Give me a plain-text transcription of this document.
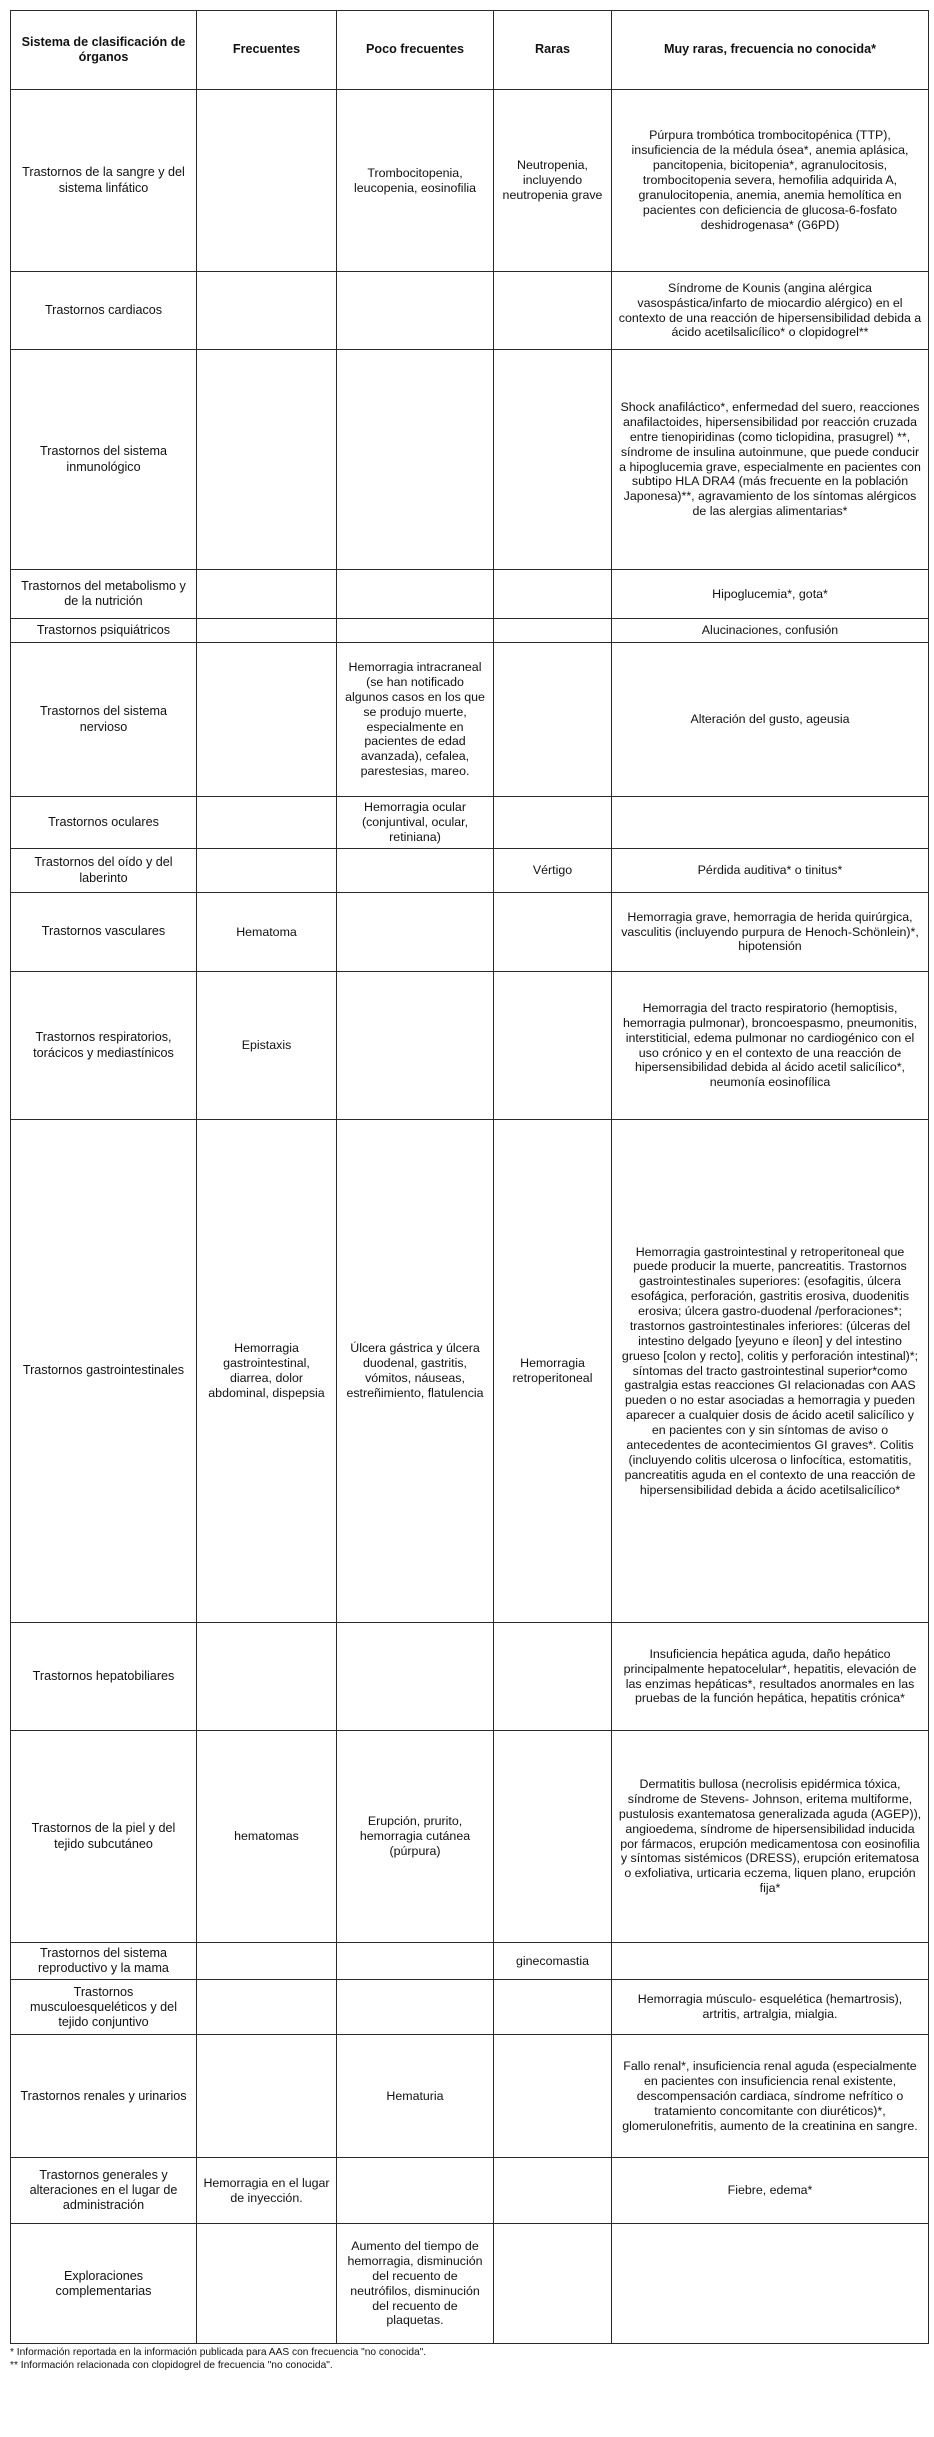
Sistema de clasificación de órganos	Frecuentes	Poco frecuentes	Raras	Muy raras, frecuencia no conocida*
Trastornos de la sangre y del sistema linfático		Trombocitopenia, leucopenia, eosinofilia	Neutropenia, incluyendo neutropenia grave	Púrpura trombótica trombocitopénica (TTP), insuficiencia de la médula ósea*, anemia aplásica, pancitopenia, bicitopenia*, agranulocitosis, trombocitopenia severa, hemofilia adquirida A, granulocitopenia, anemia, anemia hemolítica en pacientes con deficiencia de glucosa-6-fosfato deshidrogenasa* (G6PD)
Trastornos cardiacos				Síndrome de Kounis (angina alérgica vasospástica/infarto de miocardio alérgico) en el contexto de una reacción de hipersensibilidad debida a ácido acetilsalicílico* o clopidogrel**
Trastornos del sistema inmunológico				Shock anafiláctico*, enfermedad del suero, reacciones anafilactoides, hipersensibilidad por reacción cruzada entre tienopiridinas (como ticlopidina, prasugrel) **, síndrome de insulina autoinmune, que puede conducir a hipoglucemia grave, especialmente en pacientes con subtipo HLA DRA4 (más frecuente en la población Japonesa)**, agravamiento de los síntomas alérgicos de las alergias alimentarias*
Trastornos del metabolismo y de la nutrición				Hipoglucemia*, gota*
Trastornos psiquiátricos				Alucinaciones, confusión
Trastornos del sistema nervioso		Hemorragia intracraneal (se han notificado algunos casos en los que se produjo muerte, especialmente en pacientes de edad avanzada), cefalea, parestesias, mareo.		Alteración del gusto, ageusia
Trastornos oculares		Hemorragia ocular (conjuntival, ocular, retiniana)		
Trastornos del oído y del laberinto			Vértigo	Pérdida auditiva* o tinitus*
Trastornos vasculares	Hematoma			Hemorragia grave, hemorragia de herida quirúrgica, vasculitis (incluyendo purpura de Henoch-Schönlein)*, hipotensión
Trastornos respiratorios, torácicos y mediastínicos	Epistaxis			Hemorragia del tracto respiratorio (hemoptisis, hemorragia pulmonar), broncoespasmo, pneumonitis, interstiticial, edema pulmonar no cardiogénico con el uso crónico y en el contexto de una reacción de hipersensibilidad debida al ácido acetil salicílico*, neumonía eosinofílica
Trastornos gastrointestinales	Hemorragia gastrointestinal, diarrea, dolor abdominal, dispepsia	Úlcera gástrica y úlcera duodenal, gastritis, vómitos, náuseas, estreñimiento, flatulencia	Hemorragia retroperitoneal	Hemorragia gastrointestinal y retroperitoneal que puede producir la muerte, pancreatitis. Trastornos gastrointestinales superiores: (esofagitis, úlcera esofágica, perforación, gastritis erosiva, duodenitis erosiva; úlcera gastro-duodenal /perforaciones*; trastornos gastrointestinales inferiores: (úlceras del intestino delgado [yeyuno e íleon] y del intestino grueso [colon y recto], colitis y perforación intestinal)*; síntomas del tracto gastrointestinal superior*como gastralgia estas reacciones GI relacionadas con AAS pueden o no estar asociadas a hemorragia y pueden aparecer a cualquier dosis de ácido acetil salicílico y en pacientes con y sin síntomas de aviso o antecedentes de acontecimientos GI graves*. Colitis (incluyendo colitis ulcerosa o linfocítica, estomatitis, pancreatitis aguda en el contexto de una reacción de hipersensibilidad debida a ácido acetilsalicílico*
Trastornos hepatobiliares				Insuficiencia hepática aguda, daño hepático principalmente hepatocelular*, hepatitis, elevación de las enzimas hepáticas*, resultados anormales en las pruebas de la función hepática, hepatitis crónica*
Trastornos de la piel y del tejido subcutáneo	hematomas	Erupción, prurito, hemorragia cutánea (púrpura)		Dermatitis bullosa (necrolisis epidérmica tóxica, síndrome de Stevens- Johnson, eritema multiforme, pustulosis exantematosa generalizada aguda (AGEP)), angioedema, síndrome de hipersensibilidad inducida por fármacos, erupción medicamentosa con eosinofilia y síntomas sistémicos (DRESS), erupción eritematosa o exfoliativa, urticaria eczema, liquen plano, erupción fija*
Trastornos del sistema reproductivo y la mama			ginecomastia	
Trastornos musculoesqueléticos y del tejido conjuntivo				Hemorragia músculo- esquelética (hemartrosis), artritis, artralgia, mialgia.
Trastornos renales y urinarios		Hematuria		Fallo renal*, insuficiencia renal aguda (especialmente en pacientes con insuficiencia renal existente, descompensación cardiaca, síndrome nefrítico o tratamiento concomitante con diuréticos)*, glomerulonefritis, aumento de la creatinina en sangre.
Trastornos generales y alteraciones en el lugar de administración	Hemorragia en el lugar de inyección.			Fiebre, edema*
Exploraciones complementarias		Aumento del tiempo de hemorragia, disminución del recuento de neutrófilos, disminución del recuento de plaquetas.		
* Información reportada en la información publicada para AAS con frecuencia "no conocida".
** Información relacionada con clopidogrel de frecuencia "no conocida".
